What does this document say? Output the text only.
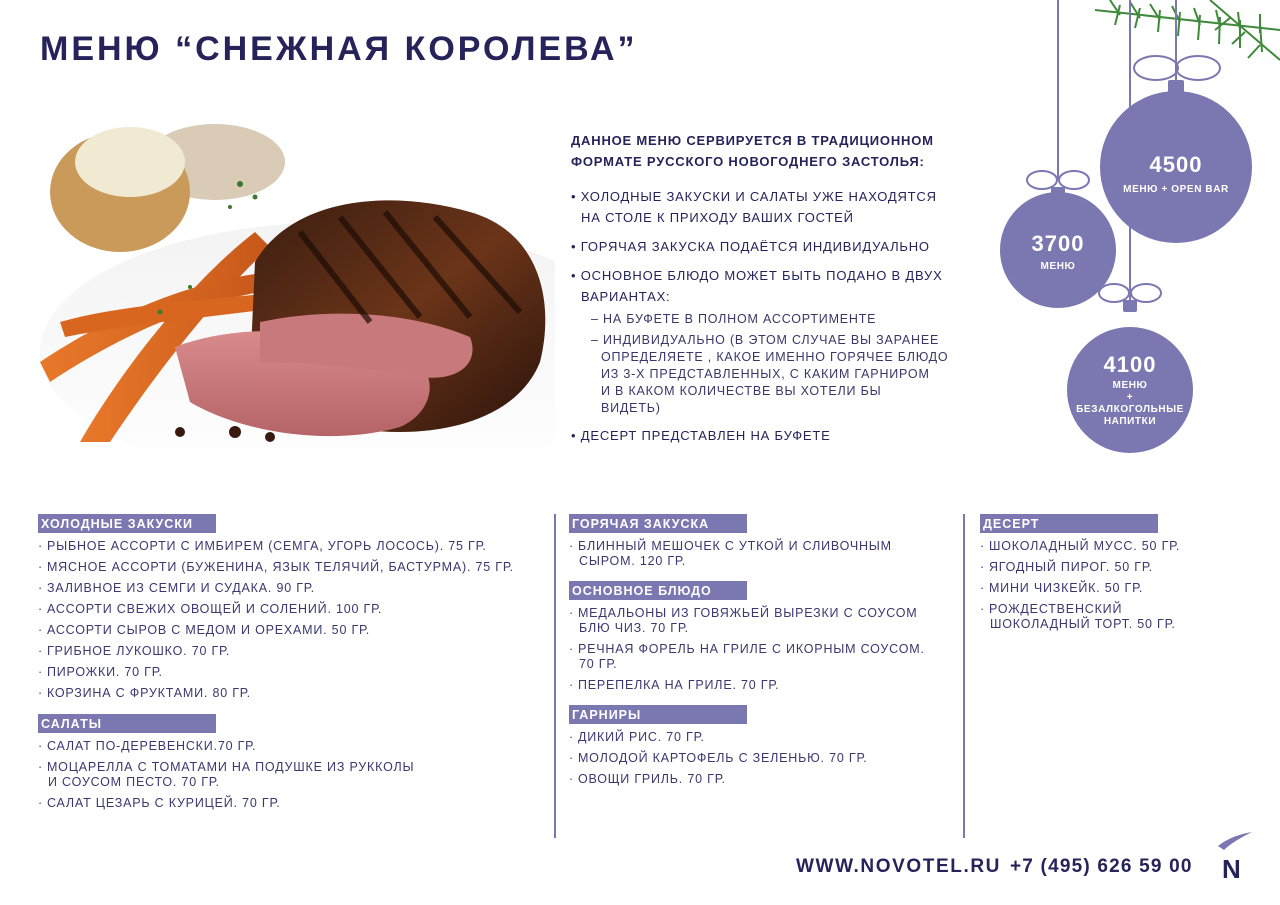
МЕНЮ “СНЕЖНАЯ КОРОЛЕВА”
ДАННОЕ МЕНЮ СЕРВИРУЕТСЯ В ТРАДИЦИОННОМ
ФОРМАТЕ РУССКОГО НОВОГОДНЕГО ЗАСТОЛЬЯ:

• ХОЛОДНЫЕ ЗАКУСКИ И САЛАТЫ УЖЕ НАХОДЯТСЯ

НА СТОЛЕ К ПРИХОДУ ВАШИХ ГОСТЕЙ

• ГОРЯЧАЯ ЗАКУСКА ПОДАЁТСЯ ИНДИВИДУАЛЬНО

• ОСНОВНОЕ БЛЮДО МОЖЕТ БЫТЬ ПОДАНО В ДВУХ

ВАРИАНТАХ:

– НА БУФЕТЕ В ПОЛНОМ АССОРТИМЕНТЕ
– ИНДИВИДУАЛЬНО (В ЭТОМ СЛУЧАЕ ВЫ ЗАРАНЕЕ
ОПРЕДЕЛЯЕТЕ , КАКОЕ ИМЕННО ГОРЯЧЕЕ БЛЮДО
ИЗ 3-Х ПРЕДСТАВЛЕННЫХ, С КАКИМ ГАРНИРОМ
И В КАКОМ КОЛИЧЕСТВЕ ВЫ ХОТЕЛИ БЫ
ВИДЕТЬ)

• ДЕСЕРТ ПРЕДСТАВЛЕН НА БУФЕТЕ

4500
МЕНЮ + OPEN BAR
3700
МЕНЮ
4100
МЕНЮ
+
БЕЗАЛКОГОЛЬНЫЕ
НАПИТКИ
ХОЛОДНЫЕ ЗАКУСКИ
· РЫБНОЕ АССОРТИ С ИМБИРЕМ (СЕМГА, УГОРЬ ЛОСОСЬ). 75 ГР.
· МЯСНОЕ АССОРТИ (БУЖЕНИНА, ЯЗЫК ТЕЛЯЧИЙ, БАСТУРМА). 75 ГР.
· ЗАЛИВНОЕ ИЗ СЕМГИ И СУДАКА. 90 ГР.
· АССОРТИ СВЕЖИХ ОВОЩЕЙ И СОЛЕНИЙ. 100 ГР.
· АССОРТИ СЫРОВ С МЕДОМ И ОРЕХАМИ. 50 ГР.
· ГРИБНОЕ ЛУКОШКО. 70 ГР.
· ПИРОЖКИ. 70 ГР.
· КОРЗИНА С ФРУКТАМИ. 80 ГР.
САЛАТЫ
· САЛАТ ПО-ДЕРЕВЕНСКИ.70 ГР.
· МОЦАРЕЛЛА С ТОМАТАМИ НА ПОДУШКЕ ИЗ РУККОЛЫ
И СОУСОМ ПЕСТО. 70 ГР.
· САЛАТ ЦЕЗАРЬ С КУРИЦЕЙ. 70 ГР.
ГОРЯЧАЯ ЗАКУСКА
· БЛИННЫЙ МЕШОЧЕК С УТКОЙ И СЛИВОЧНЫМ
СЫРОМ. 120 ГР.
ОСНОВНОЕ БЛЮДО
· МЕДАЛЬОНЫ ИЗ ГОВЯЖЬЕЙ ВЫРЕЗКИ С СОУСОМ
БЛЮ ЧИЗ. 70 ГР.
· РЕЧНАЯ ФОРЕЛЬ НА ГРИЛЕ С ИКОРНЫМ СОУСОМ.
70 ГР.
· ПЕРЕПЕЛКА НА ГРИЛЕ. 70 ГР.
ГАРНИРЫ
· ДИКИЙ РИС. 70 ГР.
· МОЛОДОЙ КАРТОФЕЛЬ С ЗЕЛЕНЬЮ. 70 ГР.
· ОВОЩИ ГРИЛЬ. 70 ГР.
ДЕСЕРТ
· ШОКОЛАДНЫЙ МУСС. 50 ГР.
· ЯГОДНЫЙ ПИРОГ. 50 ГР.
· МИНИ ЧИЗКЕЙК. 50 ГР.
· РОЖДЕСТВЕНСКИЙ
ШОКОЛАДНЫЙ ТОРТ. 50 ГР.
WWW.NOVOTEL.RU +7 (495) 626 59 00 N
